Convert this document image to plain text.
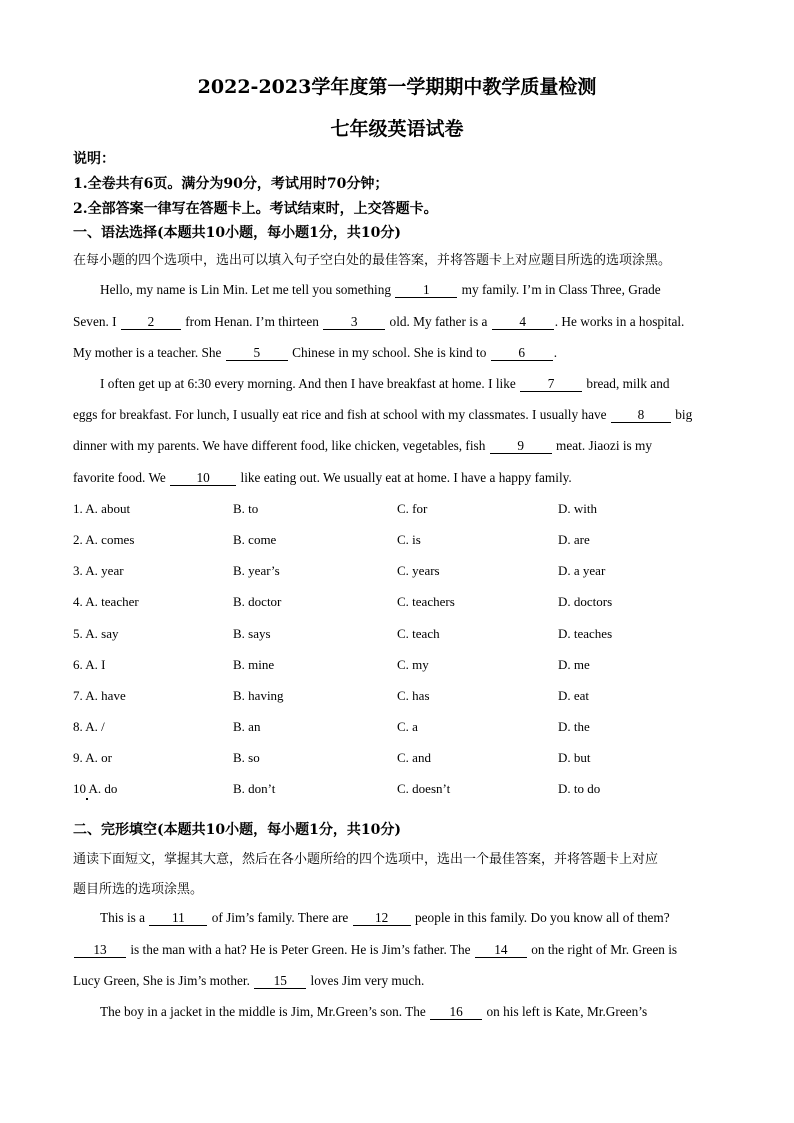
2022-2023学年度第一学期期中教学质量检测
七年级英语试卷
说明：
1.全卷共有6页。满分为90分，考试用时70分钟；
2.全部答案一律写在答题卡上。考试结束时，上交答题卡。
一、语法选择(本题共10小题，每小题1分，共10分)
在每小题的四个选项中，选出可以填入句子空白处的最佳答案，并将答题卡上对应题目所选的选项涂黑。
Hello, my name is Lin Min. Let me tell you something 1 my family. I’m in Class Three, Grade
Seven. I 2 from Henan. I’m thirteen 3 old. My father is a 4 . He works in a hospital.
My mother is a teacher. She 5 Chinese in my school. She is kind to 6 .
I often get up at 6:30 every morning. And then I have breakfast at home. I like 7 bread, milk and
eggs for breakfast. For lunch, I usually eat rice and fish at school with my classmates. I usually have 8 big
dinner with my parents. We have different food, like chicken, vegetables, fish 9 meat. Jiaozi is my
favorite food. We 10 like eating out. We usually eat at home. I have a happy family.
1. A. about	B. to	C. for	D. with
2. A. comes	B. come	C. is	D. are
3. A. year	B. year’s	C. years	D. a year
4. A. teacher	B. doctor	C. teachers	D. doctors
5. A. say	B. says	C. teach	D. teaches
6. A. I	B. mine	C. my	D. me
7. A. have	B. having	C. has	D. eat
8. A. /	B. an	C. a	D. the
9. A. or	B. so	C. and	D. but
10 A. do	B. don’t	C. doesn’t	D. to do
二、完形填空(本题共10小题，每小题1分，共10分)
通读下面短文，掌握其大意，然后在各小题所给的四个选项中，选出一个最佳答案，并将答题卡上对应
题目所选的选项涂黑。
This is a 11 of Jim’s family. There are 12 people in this family. Do you know all of them?
13 is the man with a hat? He is Peter Green. He is Jim’s father. The 14 on the right of Mr. Green is
Lucy Green, She is Jim’s mother. 15 loves Jim very much.
The boy in a jacket in the middle is Jim, Mr.Green’s son. The 16 on his left is Kate, Mr.Green’s
